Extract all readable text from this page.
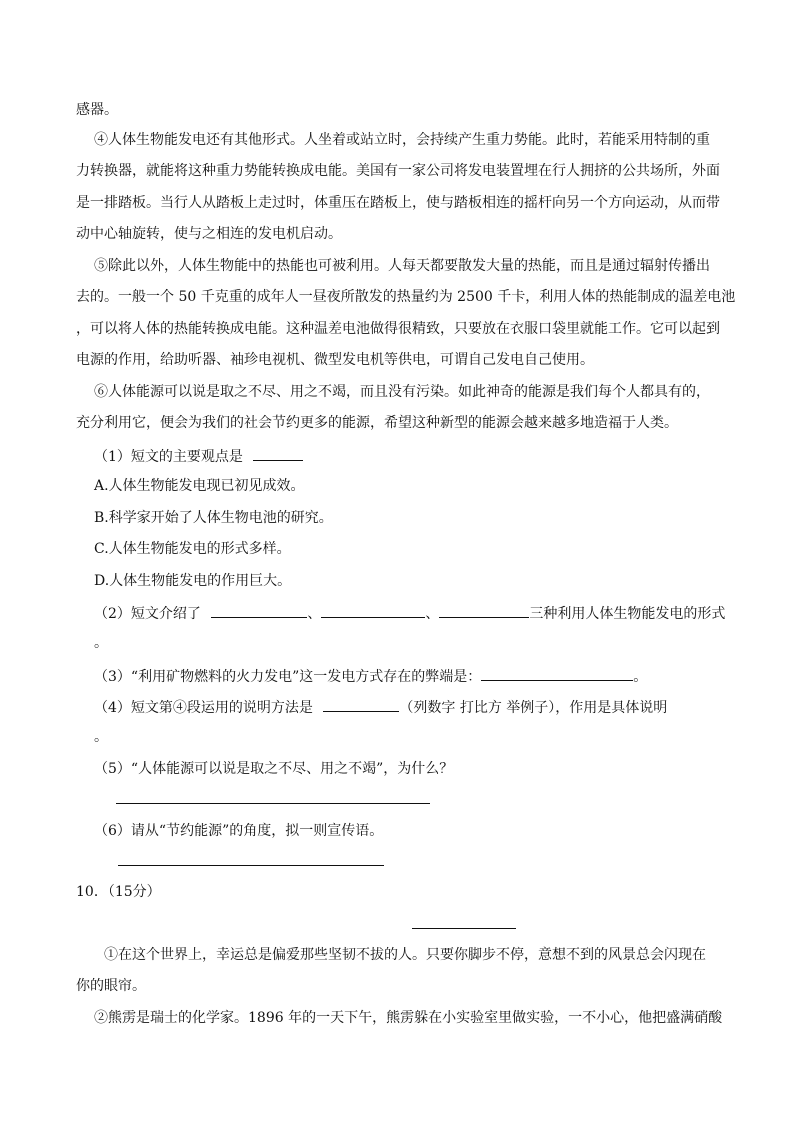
感器。
④人体生物能发电还有其他形式。人坐着或站立时，会持续产生重力势能。此时，若能采用特制的重
力转换器，就能将这种重力势能转换成电能。美国有一家公司将发电装置埋在行人拥挤的公共场所，外面
是一排踏板。当行人从踏板上走过时，体重压在踏板上，使与踏板相连的摇杆向另一个方向运动，从而带
动中心轴旋转，使与之相连的发电机启动。
⑤除此以外，人体生物能中的热能也可被利用。人每天都要散发大量的热能，而且是通过辐射传播出
去的。一般一个 50 千克重的成年人一昼夜所散发的热量约为 2500 千卡，利用人体的热能制成的温差电池
，可以将人体的热能转换成电能。这种温差电池做得很精致，只要放在衣服口袋里就能工作。它可以起到
电源的作用，给助听器、袖珍电视机、微型发电机等供电，可谓自己发电自己使用。
⑥人体能源可以说是取之不尽、用之不竭，而且没有污染。如此神奇的能源是我们每个人都具有的，
充分利用它，便会为我们的社会节约更多的能源，希望这种新型的能源会越来越多地造福于人类。
（1）短文的主要观点是
A.人体生物能发电现已初见成效。
B.科学家开始了人体生物电池的研究。
C.人体生物能发电的形式多样。
D.人体生物能发电的作用巨大。
（2）短文介绍了	、	、	三种利用人体生物能发电的形式
。
（3）“利用矿物燃料的火力发电”这一发电方式存在的弊端是：	。
（4）短文第④段运用的说明方法是	（列数字 打比方 举例子），作用是具体说明
。
（5）“人体能源可以说是取之不尽、用之不竭”，为什么？
（6）请从“节约能源”的角度，拟一则宣传语。
10．（15分）
①在这个世界上，幸运总是偏爱那些坚韧不拔的人。只要你脚步不停，意想不到的风景总会闪现在
你的眼帘。
②熊雳是瑞士的化学家。1896 年的一天下午，熊雳躲在小实验室里做实验，一不小心，他把盛满硝酸
